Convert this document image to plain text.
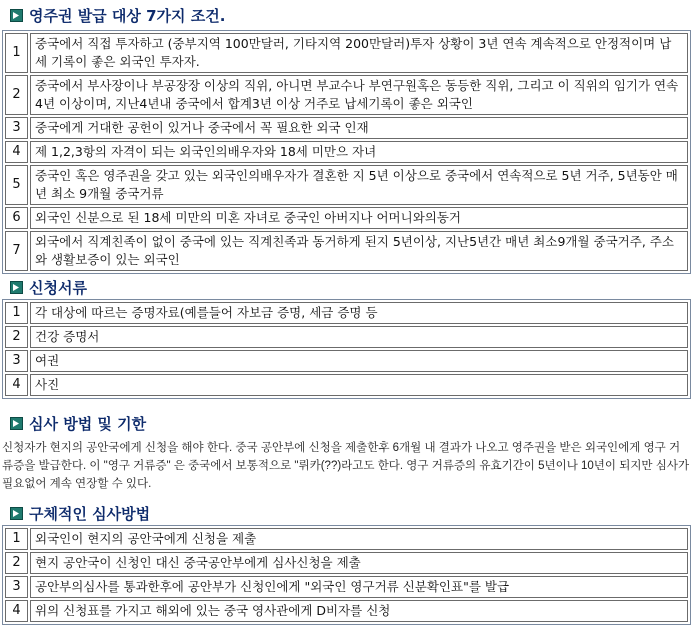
영주권 발급 대상 7가지 조건.
1	중국에서 직접 투자하고 (중부지역 100만달러, 기타지역 200만달러)투자 상황이 3년 연속 계속적으로 안정적이며 납세 기록이 좋은 외국인 투자자.
2	중국에서 부사장이나 부공장장 이상의 직위, 아니면 부교수나 부연구원혹은 동등한 직위, 그리고 이 직위의 임기가 연속4년 이상이며, 지난4년내 중국에서 합계3년 이상 거주로 납세기록이 좋은 외국인
3	중국에게 거대한 공헌이 있거나 중국에서 꼭 필요한 외국 인재
4	제 1,2,3항의 자격이 되는 외국인의배우자와 18세 미만으 자녀
5	중국인 혹은 영주권을 갖고 있는 외국인의배우자가 결혼한 지 5년 이상으로 중국에서 연속적으로 5년 거주, 5년동안 매년 최소 9개월 중국거류
6	외국인 신분으로 된 18세 미만의 미혼 자녀로 중국인 아버지나 어머니와의동거
7	외국에서 직계친족이 없이 중국에 있는 직계친족과 동거하게 된지 5년이상, 지난5년간 매년 최소9개월 중국거주, 주소와 생활보증이 있는 외국인
신청서류
1	각 대상에 따르는 증명자료(예를들어 자보금 증명, 세금 증명 등
2	건강 증명서
3	여권
4	사진
심사 방법 및 기한
신청자가 현지의 공안국에게 신청을 해야 한다. 중국 공안부에 신청을 제출한후 6개월 내 결과가 나오고 영주권을 받은 외국인에게 영구 거류증을 발급한다. 이 "영구 거류증" 은 중국에서 보통적으로 "뤼카(??)라고도 한다. 영구 거류증의 유효기간이 5년이나 10년이 되지만 심사가 필요없어 계속 연장할 수 있다.
구체적인 심사방법
1	외국인이 현지의 공안국에게 신청을 제출
2	현지 공안국이 신청인 대신 중국공안부에게 심사신청을 제출
3	공안부의심사를 통과한후에 공안부가 신청인에게 "외국인 영구거류 신분확인표"를 발급
4	위의 신청표를 가지고 해외에 있는 중국 영사관에게 D비자를 신청
